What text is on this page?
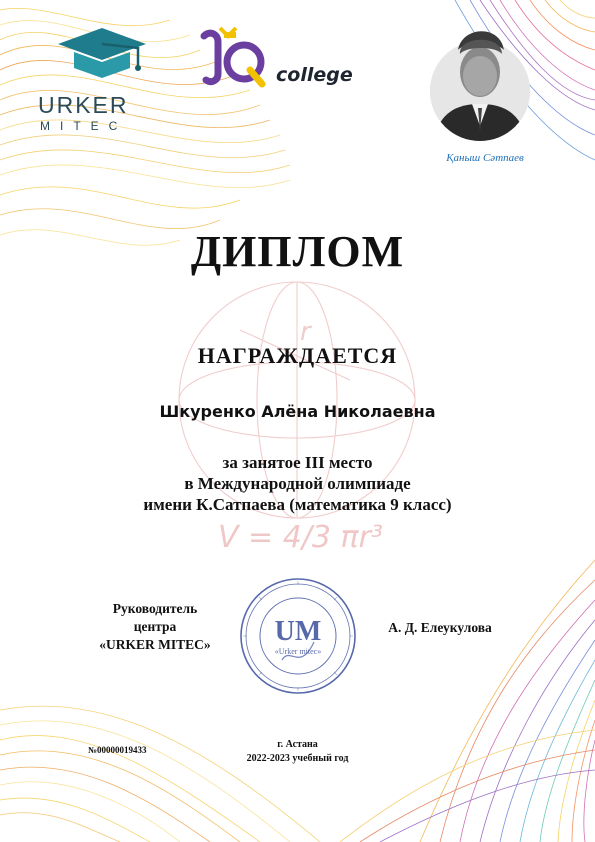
r
V = 4/3 πr³
URKER
MITEC
college
Қаныш Сәтпаев
ДИПЛОМ
НАГРАЖДАЕТСЯ
Шкуренко Алёна Николаевна
за занятое III место
в Международной олимпиаде
имени К.Сатпаева (математика 9 класс)
Руководитель
центра
«URKER MITEC»	UM
«Urker mitec»
А. Д. Елеукулова
№00000019433	г. Астана
2022-2023 учебный год
